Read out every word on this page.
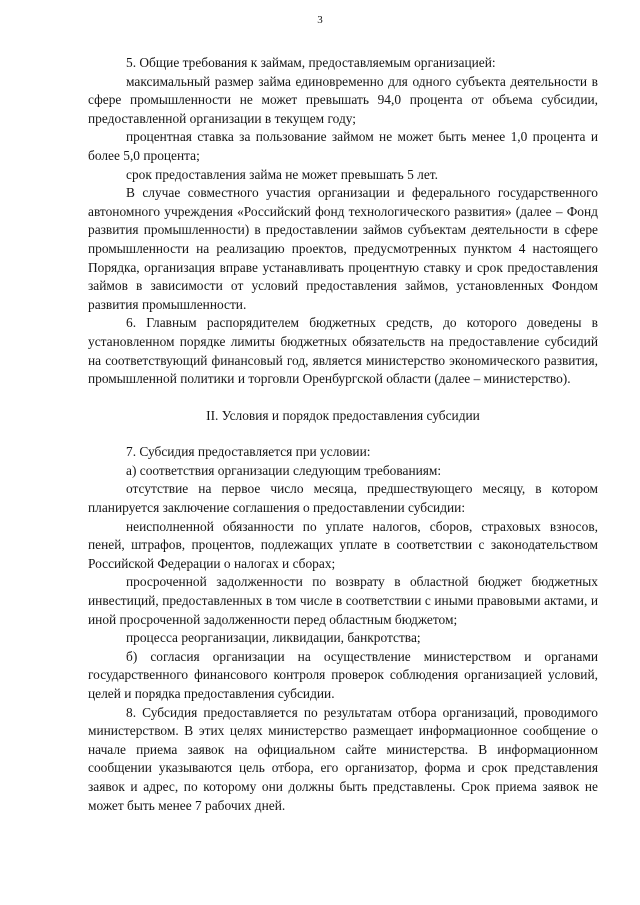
3

5. Общие требования к займам, предоставляемым организацией:

максимальный размер займа единовременно для одного субъекта деятельности в сфере промышленности не может превышать 94,0 процента от объема субсидии, предоставленной организации в текущем году;

процентная ставка за пользование займом не может быть менее 1,0 процента и более 5,0 процента;

срок предоставления займа не может превышать 5 лет.

В случае совместного участия организации и федерального государственного автономного учреждения «Российский фонд технологического развития» (далее – Фонд развития промышленности) в предоставлении займов субъектам деятельности в сфере промышленности на реализацию проектов, предусмотренных пунктом 4 настоящего Порядка, организация вправе устанавливать процентную ставку и срок предоставления займов в зависимости от условий предоставления займов, установленных Фондом развития промышленности.

6. Главным распорядителем бюджетных средств, до которого доведены в установленном порядке лимиты бюджетных обязательств на предоставление субсидий на соответствующий финансовый год, является министерство экономического развития, промышленной политики и торговли Оренбургской области (далее – министерство).

II. Условия и порядок предоставления субсидии

7. Субсидия предоставляется при условии:

а) соответствия организации следующим требованиям:

отсутствие на первое число месяца, предшествующего месяцу, в котором планируется заключение соглашения о предоставлении субсидии:

неисполненной обязанности по уплате налогов, сборов, страховых взносов, пеней, штрафов, процентов, подлежащих уплате в соответствии с законодательством Российской Федерации о налогах и сборах;

просроченной задолженности по возврату в областной бюджет бюджетных инвестиций, предоставленных в том числе в соответствии с иными правовыми актами, и иной просроченной задолженности перед областным бюджетом;

процесса реорганизации, ликвидации, банкротства;

б) согласия организации на осуществление министерством и органами государственного финансового контроля проверок соблюдения организацией условий, целей и порядка предоставления субсидии.

8. Субсидия предоставляется по результатам отбора организаций, проводимого министерством. В этих целях министерство размещает информационное сообщение о начале приема заявок на официальном сайте министерства. В информационном сообщении указываются цель отбора, его организатор, форма и срок представления заявок и адрес, по которому они должны быть представлены. Срок приема заявок не может быть менее 7 рабочих дней.
